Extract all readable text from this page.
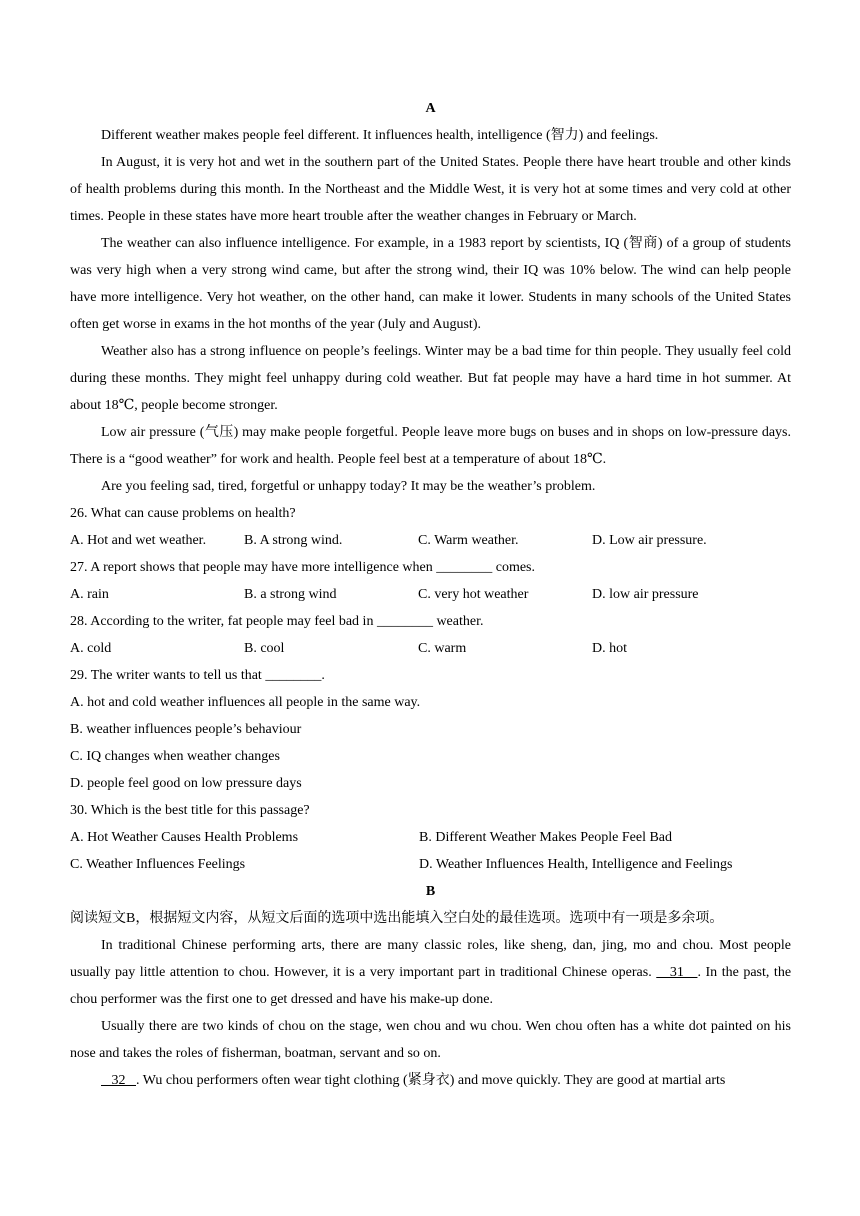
A

Different weather makes people feel different. It influences health, intelligence (智力) and feelings.

In August, it is very hot and wet in the southern part of the United States. People there have heart trouble and other kinds of health problems during this month. In the Northeast and the Middle West, it is very hot at some times and very cold at other times. People in these states have more heart trouble after the weather changes in February or March.

The weather can also influence intelligence. For example, in a 1983 report by scientists, IQ (智商) of a group of students was very high when a very strong wind came, but after the strong wind, their IQ was 10% below. The wind can help people have more intelligence. Very hot weather, on the other hand, can make it lower. Students in many schools of the United States often get worse in exams in the hot months of the year (July and August).

Weather also has a strong influence on people’s feelings. Winter may be a bad time for thin people. They usually feel cold during these months. They might feel unhappy during cold weather. But fat people may have a hard time in hot summer. At about 18℃, people become stronger.

Low air pressure (气压) may make people forgetful. People leave more bugs on buses and in shops on low-pressure days. There is a “good weather” for work and health. People feel best at a temperature of about 18℃.

Are you feeling sad, tired, forgetful or unhappy today? It may be the weather’s problem.

26. What can cause problems on health?

A. Hot and wet weather.	B. A strong wind.	C. Warm weather.	D. Low air pressure.

27. A report shows that people may have more intelligence when ________ comes.

A. rain	B. a strong wind	C. very hot weather	D. low air pressure

28. According to the writer, fat people may feel bad in ________ weather.

A. cold	B. cool	C. warm	D. hot

29. The writer wants to tell us that ________.

A. hot and cold weather influences all people in the same way.

B. weather influences people’s behaviour

C. IQ changes when weather changes

D. people feel good on low pressure days

30. Which is the best title for this passage?

A. Hot Weather Causes Health Problems	B. Different Weather Makes People Feel Bad
C. Weather Influences Feelings	D. Weather Influences Health, Intelligence and Feelings

B

阅读短文B，根据短文内容，从短文后面的选项中选出能填入空白处的最佳选项。选项中有一项是多余项。

In traditional Chinese performing arts, there are many classic roles, like sheng, dan, jing, mo and chou. Most people usually pay little attention to chou. However, it is a very important part in traditional Chinese operas.    31   . In the past, the chou performer was the first one to get dressed and have his make-up done.

Usually there are two kinds of chou on the stage, wen chou and wu chou. Wen chou often has a white dot painted on his nose and takes the roles of fisherman, boatman, servant and so on.

32   . Wu chou performers often wear tight clothing (紧身衣) and move quickly. They are good at martial arts
